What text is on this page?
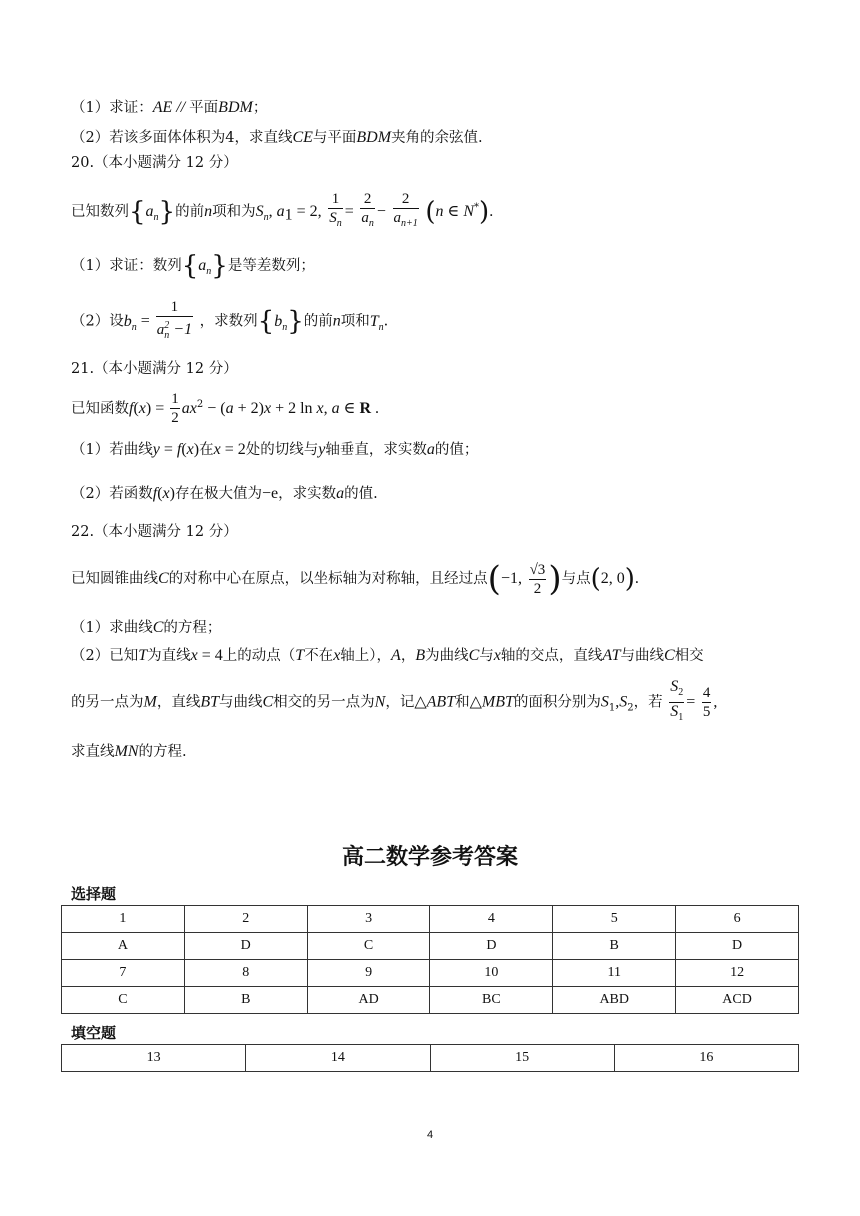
（1）求证：AE // 平面BDM；
（2）若该多面体体积为4，求直线CE与平面BDM夹角的余弦值.
20.（本小题满分 12 分）
已知数列$\{a_n\}$的前n项和为$S_n$, $a_1 = 2$, $\frac{1}{S_n} = \frac{2}{a_n} - \frac{2}{a_{n+1}} (n$ ∈ N*).
（1）求证：数列$\{a_n\}$是等差数列；
（2）设$b_n = \frac{1}{a^2_n -1}$ ，求数列$\{b_n\}$的前n项和$T_n$.
21.（本小题满分 12 分）
已知函数$f(x) = \frac{1}{2} ax^2 - (a + 2)x + 2$ ln x, a ∈ R .
（1）若曲线y = f(x)在x = 2处的切线与y轴垂直，求实数a的值；
（2）若函数f(x)存在极大值为−e，求实数a的值.
22.（本小题满分 12 分）
已知圆锥曲线C的对称中心在原点，以坐标轴为对称轴，且经过点(−1, $\frac{√3}{2}$ )与点(2, 0).
（1）求曲线C的方程；
（2）已知T为直线x = 4上的动点（T不在x轴上），A，B为曲线C与x轴的交点，直线AT与曲线C相交
的另一点为M，直线BT与曲线C相交的另一点为N，记△ABT和△MBT的面积分别为$S_1,S_2$，若 $\frac{S_2}{S_1} = \frac{4}{5}$ ,
求直线MN的方程.
高二数学参考答案
选择题
1	2	3	4	5	6
A	D	C	D	B	D
7	8	9	10	11	12
C	B	AD	BC	ABD	ACD
填空题
13	14	15	16
4
